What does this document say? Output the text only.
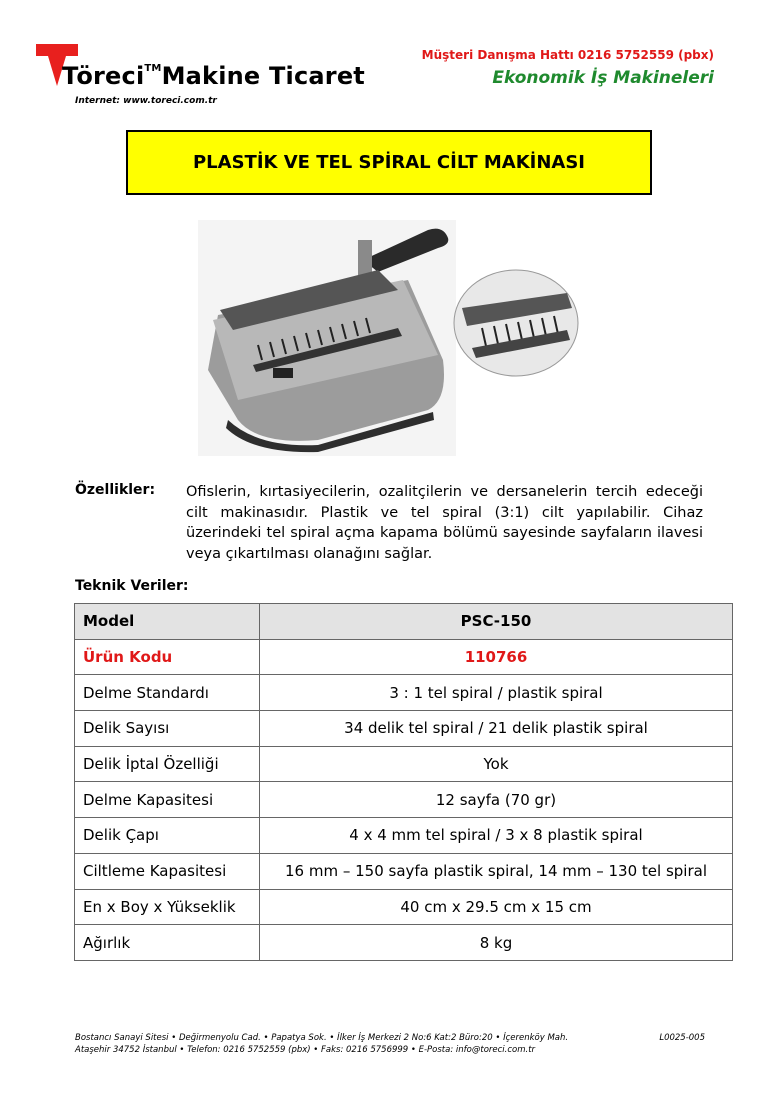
Töreci™Makine Ticaret
Internet: www.toreci.com.tr
Müşteri Danışma Hattı 0216 5752559 (pbx)
Ekonomik İş Makineleri
PLASTİK VE TEL SPİRAL CİLT MAKİNASI
Özellikler: Ofislerin, kırtasiyecilerin, ozalitçilerin ve dersanelerin tercih edeceği cilt makinasıdır. Plastik ve tel spiral (3:1) cilt yapılabilir. Cihaz üzerindeki tel spiral açma kapama bölümü sayesinde sayfaların ilavesi veya çıkartılması olanağını sağlar.
Teknik Veriler:
Model	PSC-150
Ürün Kodu	110766
Delme Standardı	3 : 1 tel spiral / plastik spiral
Delik Sayısı	34 delik tel spiral / 21 delik plastik spiral
Delik İptal Özelliği	Yok
Delme Kapasitesi	12 sayfa (70 gr)
Delik Çapı	4 x 4 mm tel spiral / 3 x 8 plastik spiral
Ciltleme Kapasitesi	16 mm – 150 sayfa plastik spiral, 14 mm – 130 tel spiral
En x Boy x Yükseklik	40 cm x 29.5 cm x 15 cm
Ağırlık	8 kg
Bostancı Sanayi Sitesi • Değirmenyolu Cad. • Papatya Sok. • İlker İş Merkezi 2 No:6 Kat:2 Büro:20 • İçerenköy Mah.
Ataşehir 34752 İstanbul • Telefon: 0216 5752559 (pbx) • Faks: 0216 5756999 • E-Posta: info@toreci.com.tr
L0025-005
